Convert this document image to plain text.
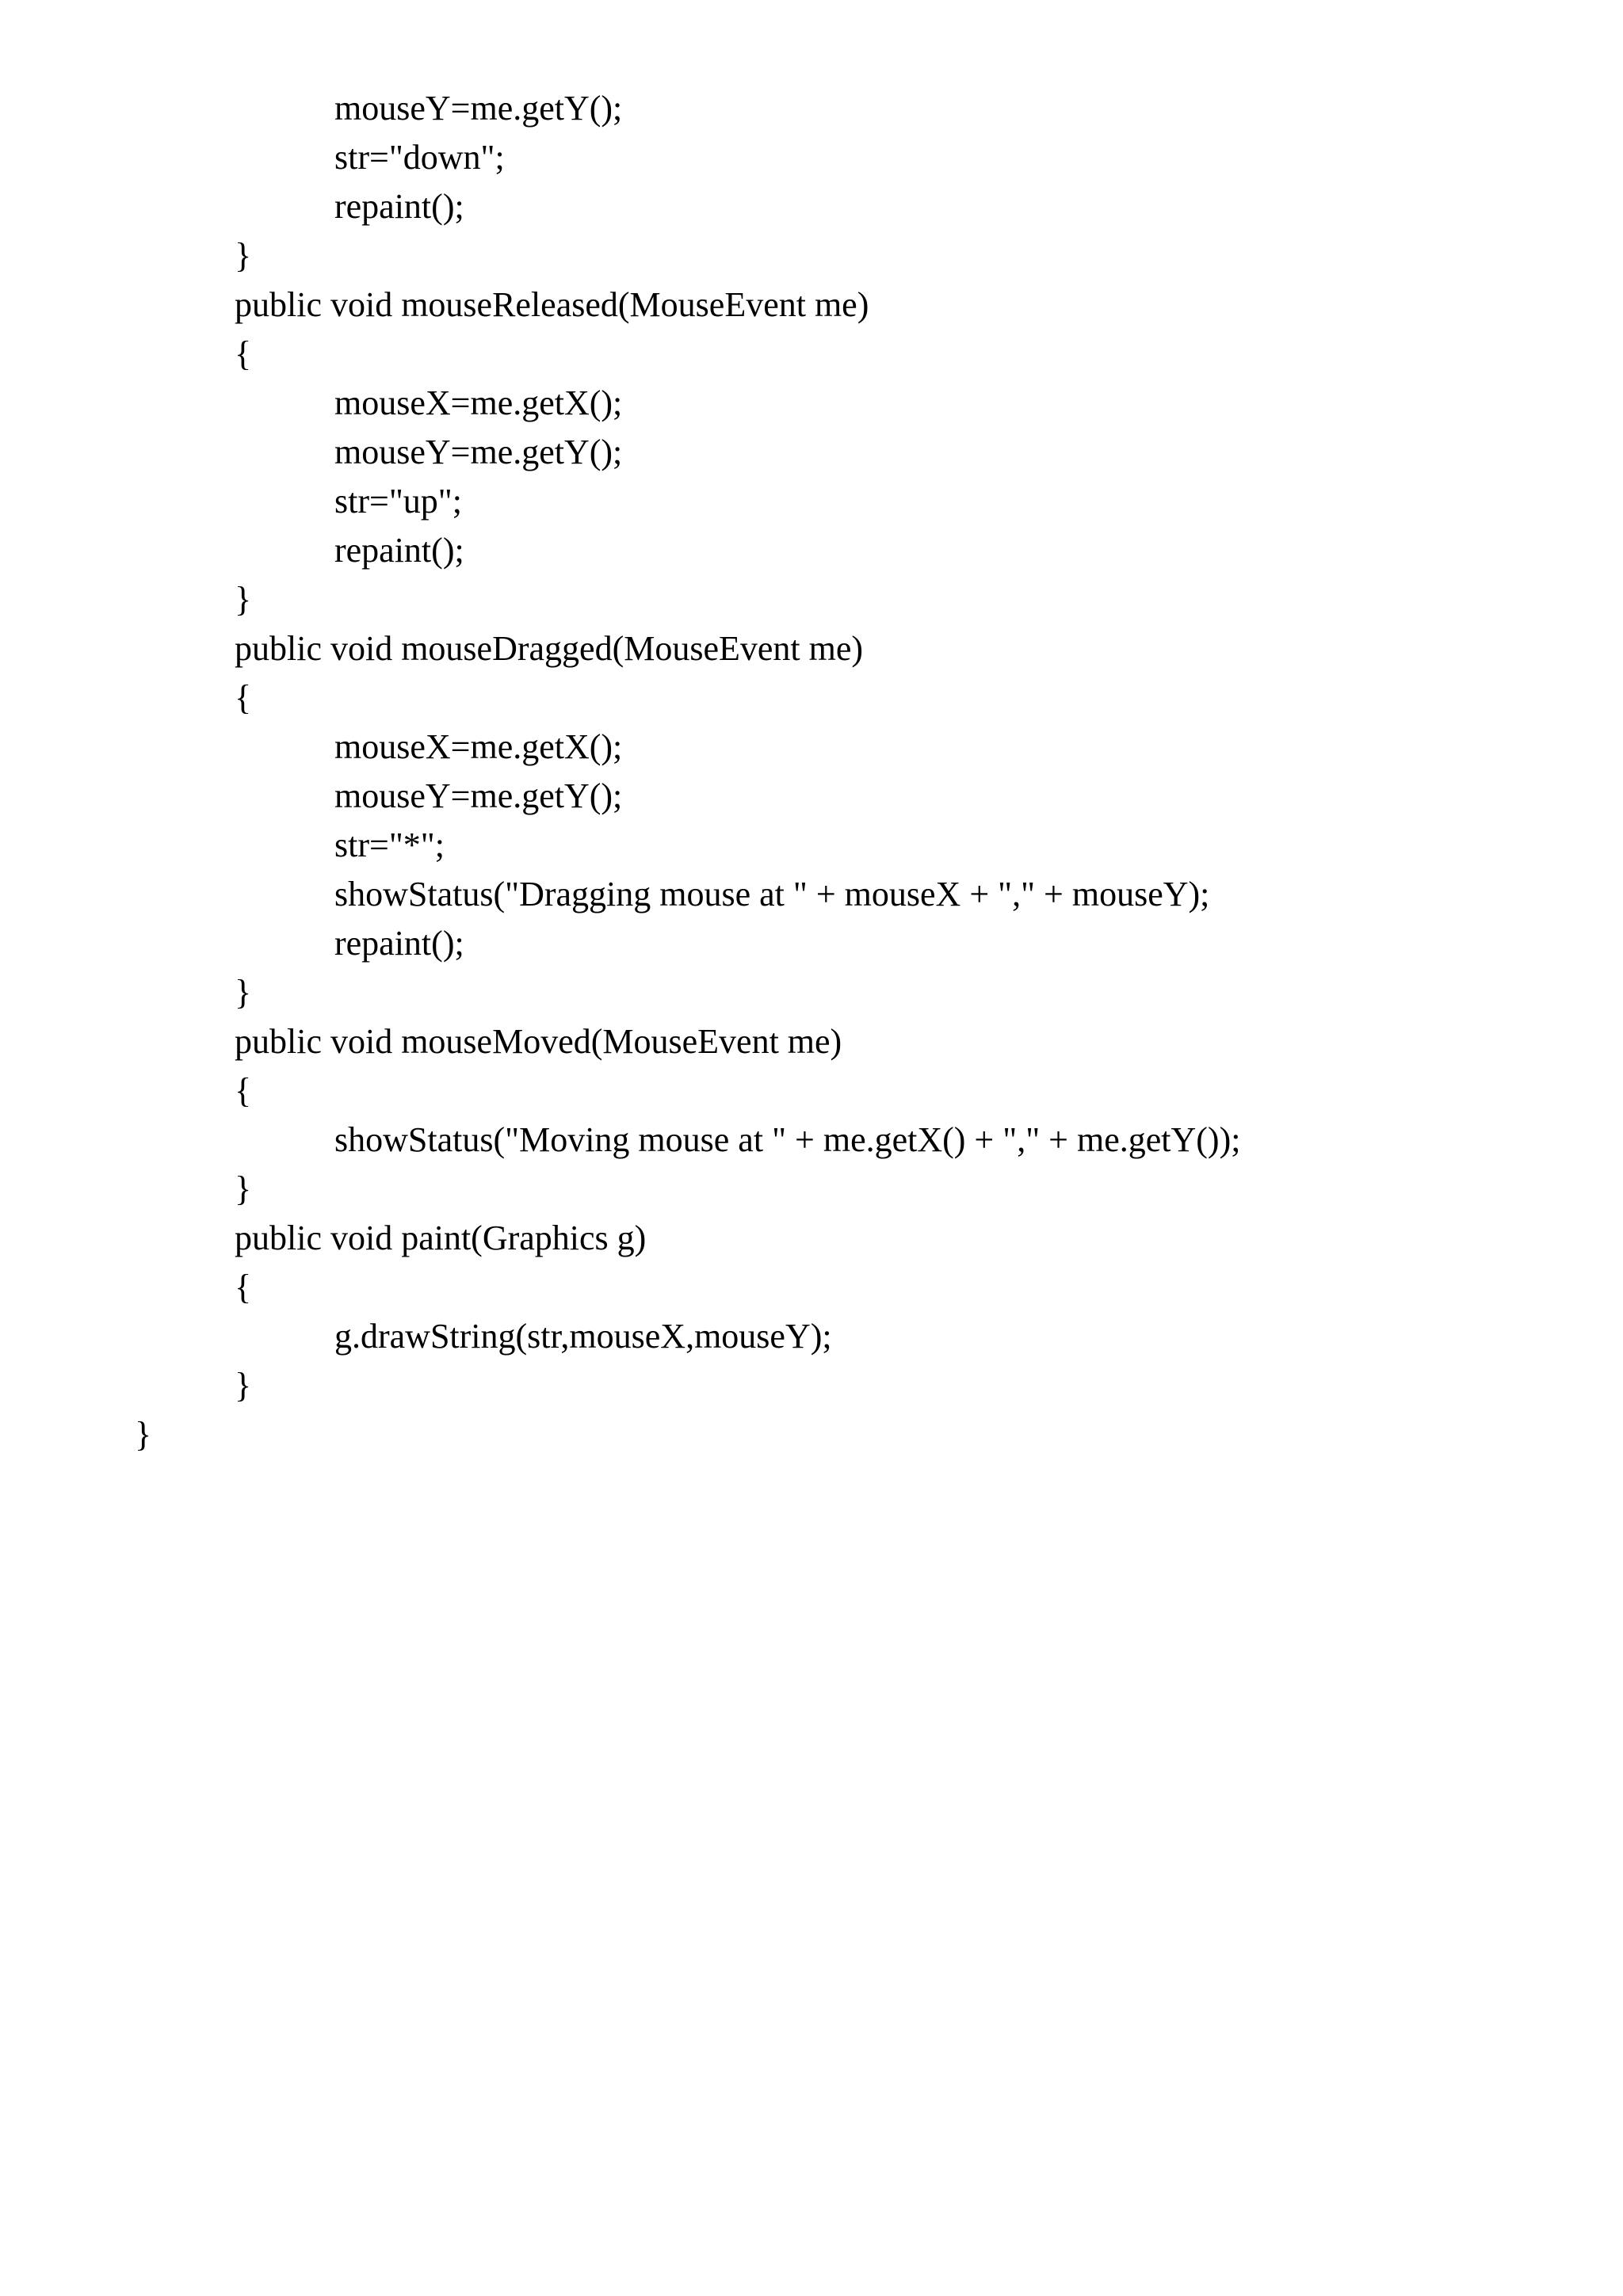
mouseY=me.getY();
str="down";
repaint();
}
public void mouseReleased(MouseEvent me)
{
mouseX=me.getX();
mouseY=me.getY();
str="up";
repaint();
}
public void mouseDragged(MouseEvent me)
{
mouseX=me.getX();
mouseY=me.getY();
str="*";
showStatus("Dragging mouse at " + mouseX + "," + mouseY);
repaint();
}
public void mouseMoved(MouseEvent me)
{
showStatus("Moving mouse at " + me.getX() + "," + me.getY());
}
public void paint(Graphics g)
{
g.drawString(str,mouseX,mouseY);
}
}
